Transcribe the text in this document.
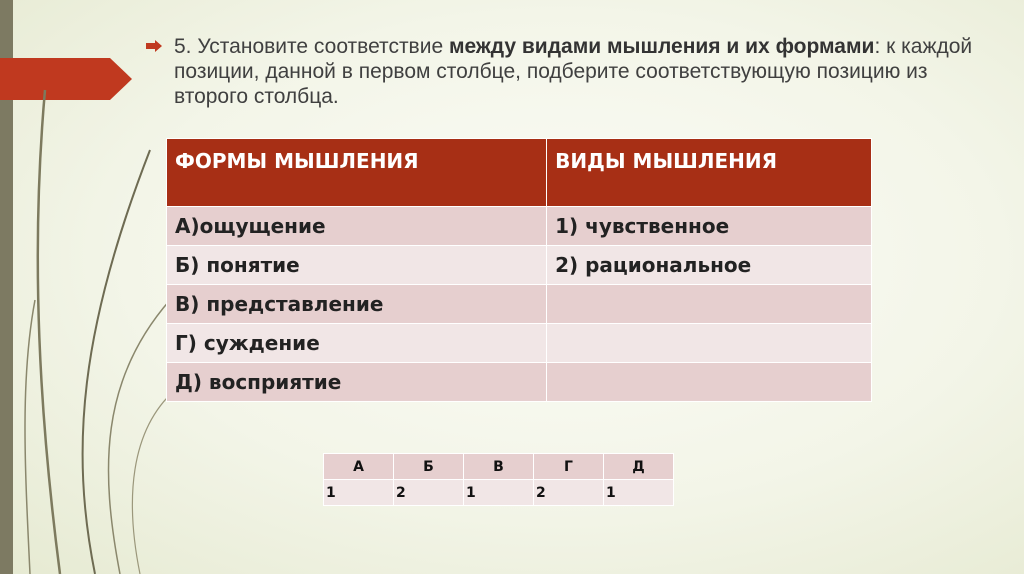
5. Установите соответствие между видами мышления и их формами: к каждой позиции, данной в первом столбце, подберите соответствующую позицию из второго столбца.
ФОРМЫ МЫШЛЕНИЯ	ВИДЫ МЫШЛЕНИЯ
А)ощущение	1) чувственное
Б) понятие	2) рациональное
В) представление	
Г) суждение	
Д) восприятие	
А	Б	В	Г	Д
1	2	1	2	1
